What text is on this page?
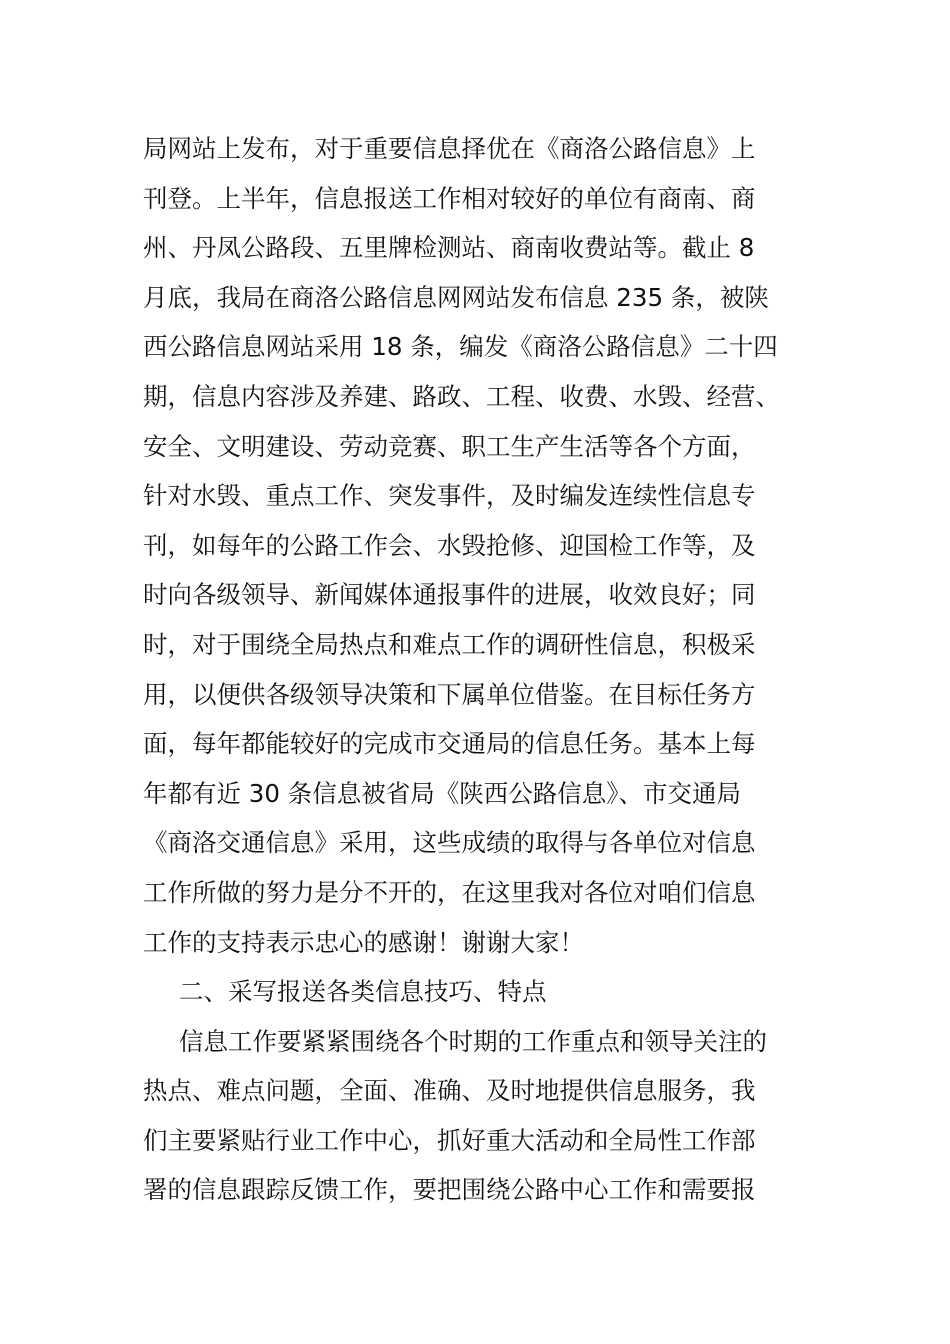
局网站上发布，对于重要信息择优在《商洛公路信息》上
刊登。上半年，信息报送工作相对较好的单位有商南、商
州、丹凤公路段、五里牌检测站、商南收费站等。截止 8
月底，我局在商洛公路信息网网站发布信息 235 条，被陕
西公路信息网站采用 18 条，编发《商洛公路信息》二十四
期，信息内容涉及养建、路政、工程、收费、水毁、经营、
安全、文明建设、劳动竞赛、职工生产生活等各个方面，
针对水毁、重点工作、突发事件，及时编发连续性信息专
刊，如每年的公路工作会、水毁抢修、迎国检工作等，及
时向各级领导、新闻媒体通报事件的进展，收效良好；同
时，对于围绕全局热点和难点工作的调研性信息，积极采
用，以便供各级领导决策和下属单位借鉴。在目标任务方
面，每年都能较好的完成市交通局的信息任务。基本上每
年都有近 30 条信息被省局《陕西公路信息》、市交通局
《商洛交通信息》采用，这些成绩的取得与各单位对信息
工作所做的努力是分不开的，在这里我对各位对咱们信息
工作的支持表示忠心的感谢！谢谢大家！
二、采写报送各类信息技巧、特点
信息工作要紧紧围绕各个时期的工作重点和领导关注的
热点、难点问题，全面、准确、及时地提供信息服务，我
们主要紧贴行业工作中心，抓好重大活动和全局性工作部
署的信息跟踪反馈工作，要把围绕公路中心工作和需要报
